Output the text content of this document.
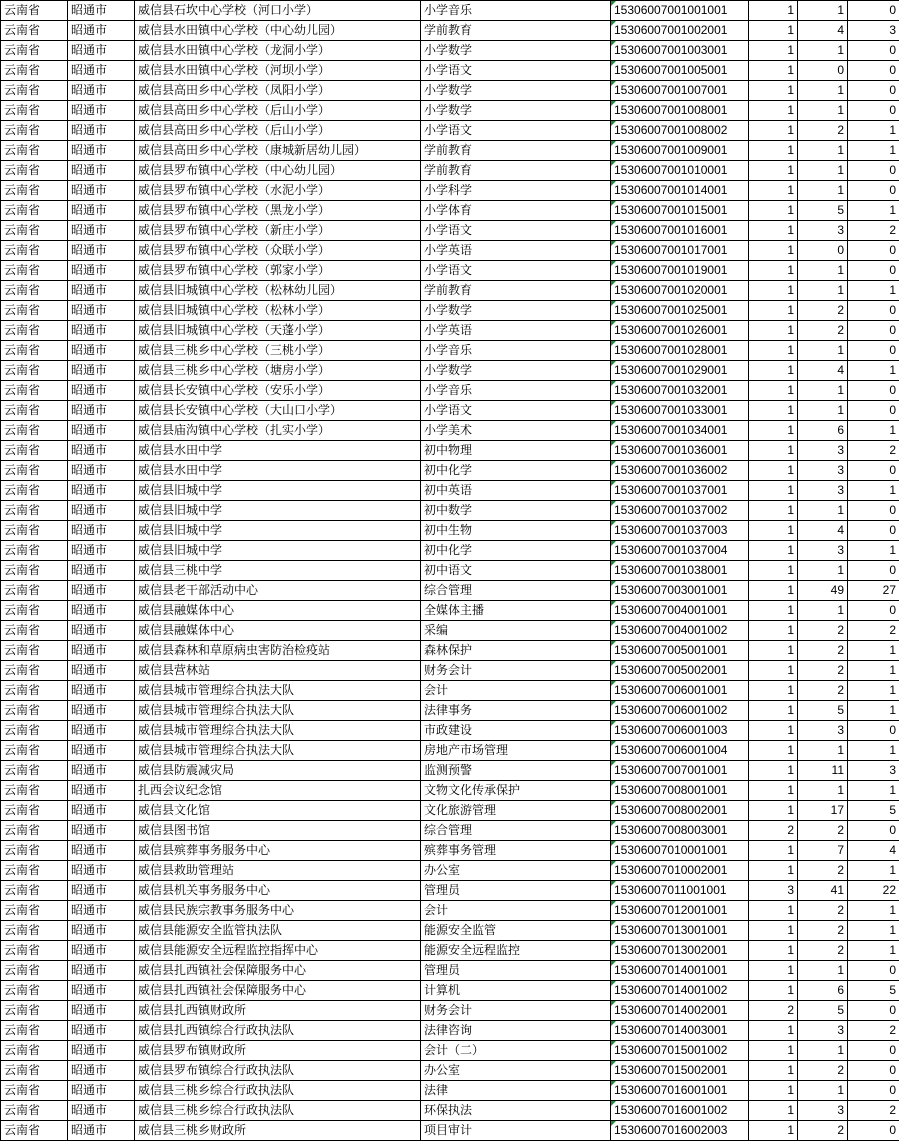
云南省	昭通市	威信县石坎中心学校（河口小学）	小学音乐	15306007001001001	1	1	0
云南省	昭通市	威信县水田镇中心学校（中心幼儿园）	学前教育	15306007001002001	1	4	3
云南省	昭通市	威信县水田镇中心学校（龙洞小学）	小学数学	15306007001003001	1	1	0
云南省	昭通市	威信县水田镇中心学校（河坝小学）	小学语文	15306007001005001	1	0	0
云南省	昭通市	威信县高田乡中心学校（凤阳小学）	小学数学	15306007001007001	1	1	0
云南省	昭通市	威信县高田乡中心学校（后山小学）	小学数学	15306007001008001	1	1	0
云南省	昭通市	威信县高田乡中心学校（后山小学）	小学语文	15306007001008002	1	2	1
云南省	昭通市	威信县高田乡中心学校（康城新居幼儿园）	学前教育	15306007001009001	1	1	1
云南省	昭通市	威信县罗布镇中心学校（中心幼儿园）	学前教育	15306007001010001	1	1	0
云南省	昭通市	威信县罗布镇中心学校（水泥小学）	小学科学	15306007001014001	1	1	0
云南省	昭通市	威信县罗布镇中心学校（黑龙小学）	小学体育	15306007001015001	1	5	1
云南省	昭通市	威信县罗布镇中心学校（新庄小学）	小学语文	15306007001016001	1	3	2
云南省	昭通市	威信县罗布镇中心学校（众联小学）	小学英语	15306007001017001	1	0	0
云南省	昭通市	威信县罗布镇中心学校（郭家小学）	小学语文	15306007001019001	1	1	0
云南省	昭通市	威信县旧城镇中心学校（松林幼儿园）	学前教育	15306007001020001	1	1	1
云南省	昭通市	威信县旧城镇中心学校（松林小学）	小学数学	15306007001025001	1	2	0
云南省	昭通市	威信县旧城镇中心学校（天蓬小学）	小学英语	15306007001026001	1	2	0
云南省	昭通市	威信县三桃乡中心学校（三桃小学）	小学音乐	15306007001028001	1	1	0
云南省	昭通市	威信县三桃乡中心学校（塘房小学）	小学数学	15306007001029001	1	4	1
云南省	昭通市	威信县长安镇中心学校（安乐小学）	小学音乐	15306007001032001	1	1	0
云南省	昭通市	威信县长安镇中心学校（大山口小学）	小学语文	15306007001033001	1	1	0
云南省	昭通市	威信县庙沟镇中心学校（扎实小学）	小学美术	15306007001034001	1	6	1
云南省	昭通市	威信县水田中学	初中物理	15306007001036001	1	3	2
云南省	昭通市	威信县水田中学	初中化学	15306007001036002	1	3	0
云南省	昭通市	威信县旧城中学	初中英语	15306007001037001	1	3	1
云南省	昭通市	威信县旧城中学	初中数学	15306007001037002	1	1	0
云南省	昭通市	威信县旧城中学	初中生物	15306007001037003	1	4	0
云南省	昭通市	威信县旧城中学	初中化学	15306007001037004	1	3	1
云南省	昭通市	威信县三桃中学	初中语文	15306007001038001	1	1	0
云南省	昭通市	威信县老干部活动中心	综合管理	15306007003001001	1	49	27
云南省	昭通市	威信县融媒体中心	全媒体主播	15306007004001001	1	1	0
云南省	昭通市	威信县融媒体中心	采编	15306007004001002	1	2	2
云南省	昭通市	威信县森林和草原病虫害防治检疫站	森林保护	15306007005001001	1	2	1
云南省	昭通市	威信县营林站	财务会计	15306007005002001	1	2	1
云南省	昭通市	威信县城市管理综合执法大队	会计	15306007006001001	1	2	1
云南省	昭通市	威信县城市管理综合执法大队	法律事务	15306007006001002	1	5	1
云南省	昭通市	威信县城市管理综合执法大队	市政建设	15306007006001003	1	3	0
云南省	昭通市	威信县城市管理综合执法大队	房地产市场管理	15306007006001004	1	1	1
云南省	昭通市	威信县防震减灾局	监测预警	15306007007001001	1	11	3
云南省	昭通市	扎西会议纪念馆	文物文化传承保护	15306007008001001	1	1	1
云南省	昭通市	威信县文化馆	文化旅游管理	15306007008002001	1	17	5
云南省	昭通市	威信县图书馆	综合管理	15306007008003001	2	2	0
云南省	昭通市	威信县殡葬事务服务中心	殡葬事务管理	15306007010001001	1	7	4
云南省	昭通市	威信县救助管理站	办公室	15306007010002001	1	2	1
云南省	昭通市	威信县机关事务服务中心	管理员	15306007011001001	3	41	22
云南省	昭通市	威信县民族宗教事务服务中心	会计	15306007012001001	1	2	1
云南省	昭通市	威信县能源安全监管执法队	能源安全监管	15306007013001001	1	2	1
云南省	昭通市	威信县能源安全远程监控指挥中心	能源安全远程监控	15306007013002001	1	2	1
云南省	昭通市	威信县扎西镇社会保障服务中心	管理员	15306007014001001	1	1	0
云南省	昭通市	威信县扎西镇社会保障服务中心	计算机	15306007014001002	1	6	5
云南省	昭通市	威信县扎西镇财政所	财务会计	15306007014002001	2	5	0
云南省	昭通市	威信县扎西镇综合行政执法队	法律咨询	15306007014003001	1	3	2
云南省	昭通市	威信县罗布镇财政所	会计（二）	15306007015001002	1	1	0
云南省	昭通市	威信县罗布镇综合行政执法队	办公室	15306007015002001	1	2	0
云南省	昭通市	威信县三桃乡综合行政执法队	法律	15306007016001001	1	1	0
云南省	昭通市	威信县三桃乡综合行政执法队	环保执法	15306007016001002	1	3	2
云南省	昭通市	威信县三桃乡财政所	项目审计	15306007016002003	1	2	0
